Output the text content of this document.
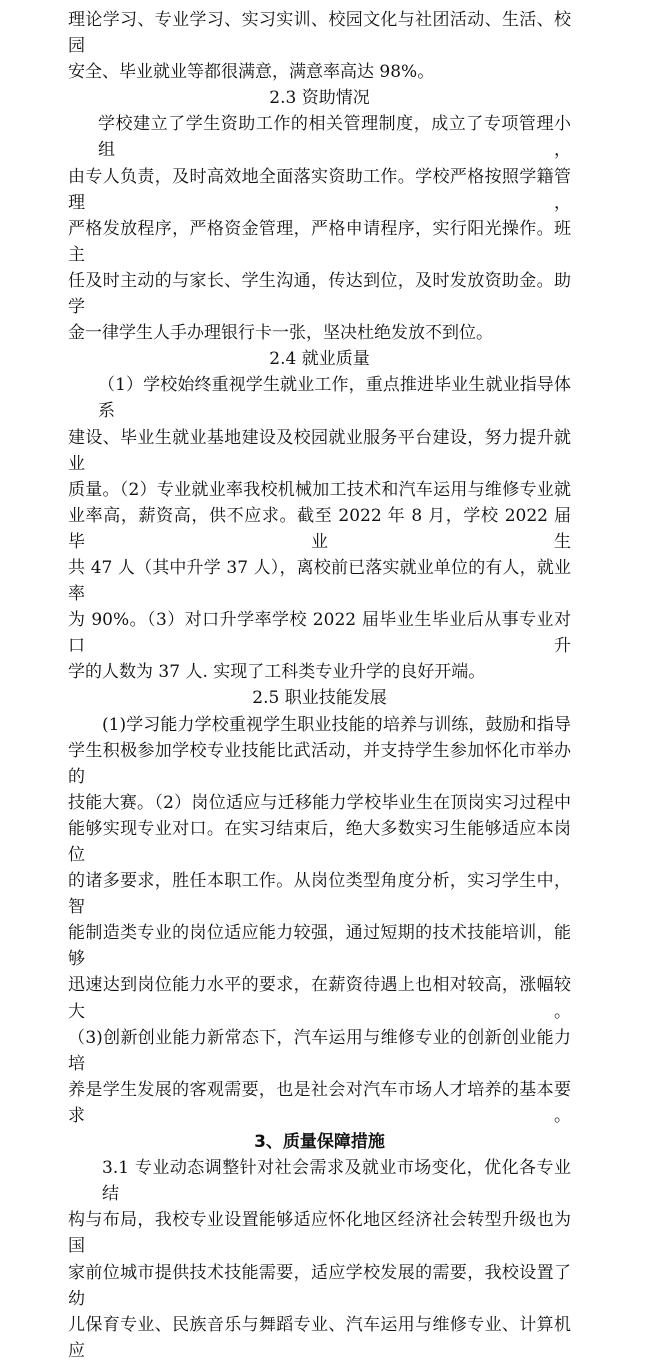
理论学习、专业学习、实习实训、校园文化与社团活动、生活、校园
安全、毕业就业等都很满意，满意率高达 98%。
2.3 资助情况
学校建立了学生资助工作的相关管理制度，成立了专项管理小组，
由专人负责，及时高效地全面落实资助工作。学校严格按照学籍管理，
严格发放程序，严格资金管理，严格申请程序，实行阳光操作。班主
任及时主动的与家长、学生沟通，传达到位，及时发放资助金。助学
金一律学生人手办理银行卡一张，坚决杜绝发放不到位。
2.4 就业质量
（1）学校始终重视学生就业工作，重点推进毕业生就业指导体系
建设、毕业生就业基地建设及校园就业服务平台建设，努力提升就业
质量。（2）专业就业率我校机械加工技术和汽车运用与维修专业就
业率高，薪资高，供不应求。截至 2022 年 8 月，学校 2022 届毕业生
共 47 人（其中升学 37 人），离校前已落实就业单位的有人，就业率
为 90%。（3）对口升学率学校 2022 届毕业生毕业后从事专业对口升
学的人数为 37 人. 实现了工科类专业升学的良好开端。
2.5 职业技能发展
(1)学习能力学校重视学生职业技能的培养与训练，鼓励和指导
学生积极参加学校专业技能比武活动，并支持学生参加怀化市举办的
技能大赛。（2）岗位适应与迁移能力学校毕业生在顶岗实习过程中
能够实现专业对口。在实习结束后，绝大多数实习生能够适应本岗位
的诸多要求，胜任本职工作。从岗位类型角度分析，实习学生中，智
能制造类专业的岗位适应能力较强，通过短期的技术技能培训，能够
迅速达到岗位能力水平的要求，在薪资待遇上也相对较高，涨幅较大。
（3)创新创业能力新常态下，汽车运用与维修专业的创新创业能力培
养是学生发展的客观需要，也是社会对汽车市场人才培养的基本要求。
3、质量保障措施
3.1 专业动态调整针对社会需求及就业市场变化，优化各专业结
构与布局，我校专业设置能够适应怀化地区经济社会转型升级也为国
家前位城市提供技术技能需要，适应学校发展的需要，我校设置了幼
儿保育专业、民族音乐与舞蹈专业、汽车运用与维修专业、计算机应
